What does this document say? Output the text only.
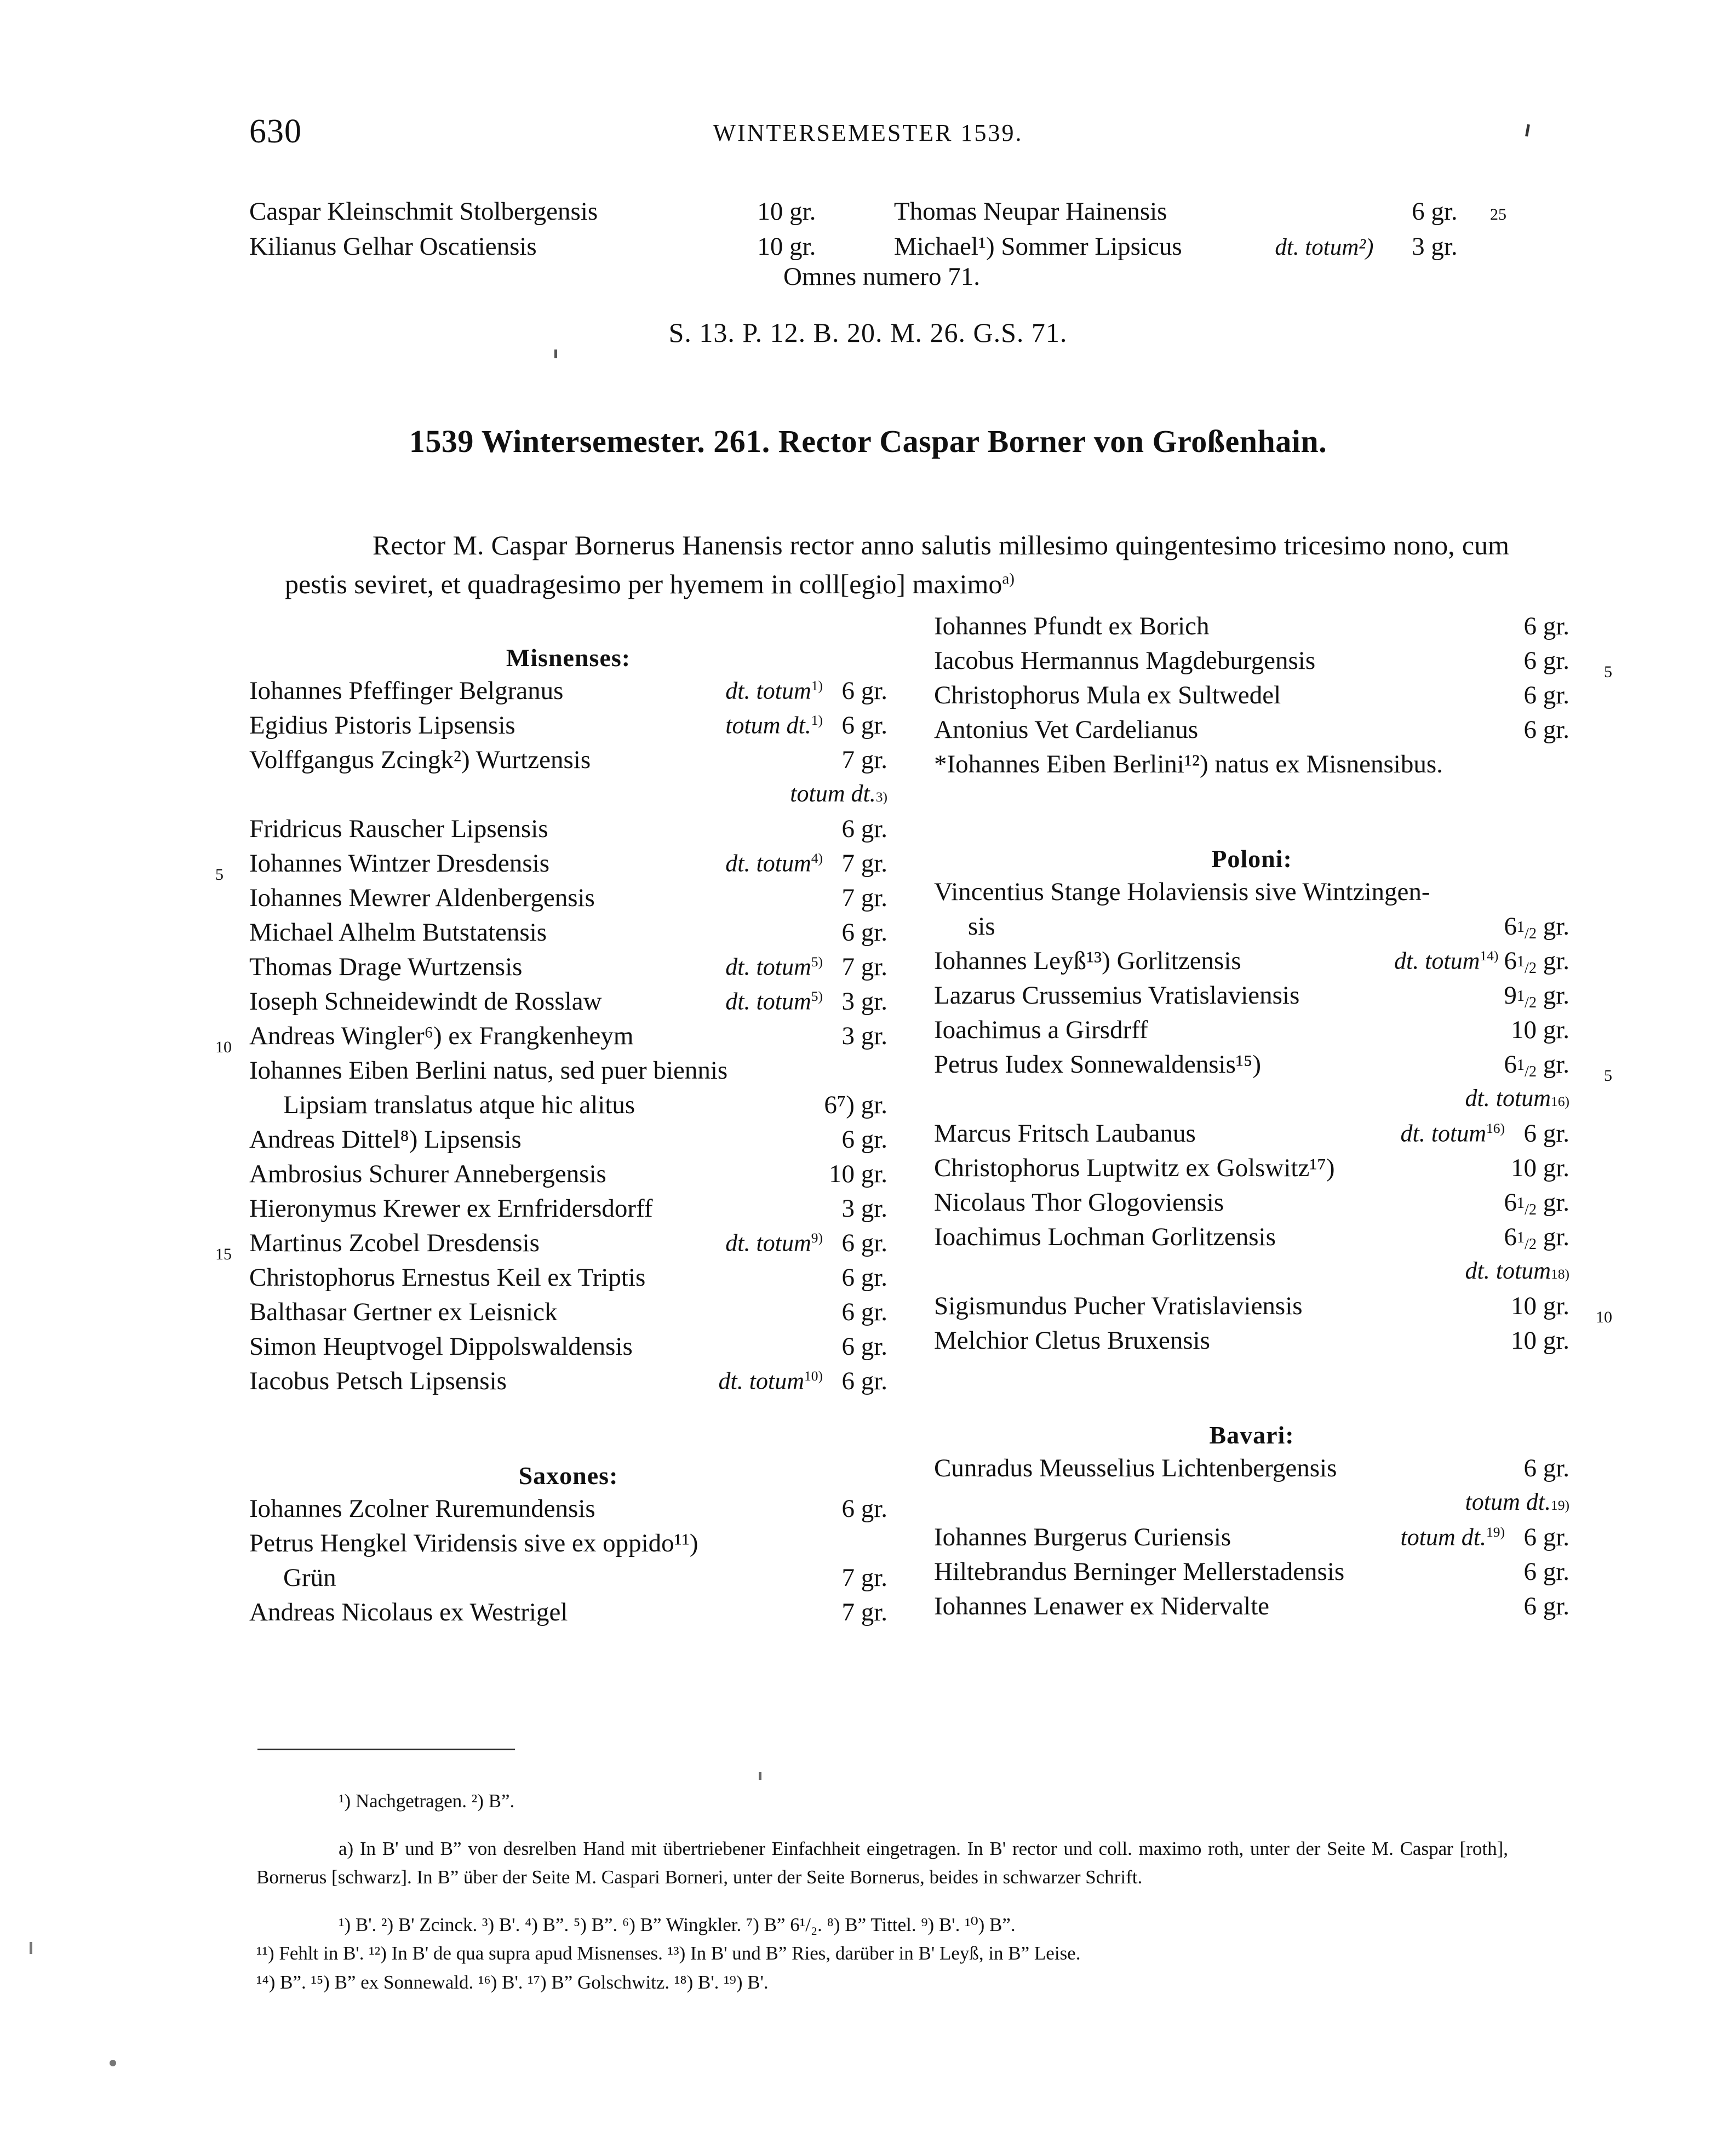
630	WINTERSEMESTER 1539.
Caspar Kleinschmit Stolbergensis	10 gr.	Thomas Neupar Hainensis	6 gr.	25
Kilianus Gelhar Oscatiensis	10 gr.	Michael¹) Sommer Lipsicus	dt. totum²)	3 gr.
Omnes numero 71.
S. 13. P. 12. B. 20. M. 26. G.S. 71.
1539 Wintersemester. 261. Rector Caspar Borner von Großenhain.

Rector M. Caspar Bornerus Hanensis rector anno salutis millesimo quingentesimo tricesimo nono, cum pestis seviret, et quadragesimo per hyemem in coll[egio] maximo$^{a)}$

Misnenses:
Iohannes Pfeffinger Belgranus	dt. totum$^{1)}$ 6 gr.
Egidius Pistoris Lipsensis	totum dt.$^{1)}$ 6 gr.
Volffgangus Zcingk²) Wurtzensis	7 gr.
totum dt. 3)
Fridricus Rauscher Lipsensis	6 gr.
5 Iohannes Wintzer Dresdensis	dt. totum$^{4)}$ 7 gr.
Iohannes Mewrer Aldenbergensis	7 gr.
Michael Alhelm Butstatensis	6 gr.
Thomas Drage Wurtzensis	dt. totum$^{5)}$ 7 gr.
Ioseph Schneidewindt de Rosslaw	dt. totum$^{5)}$ 3 gr.
10 Andreas Wingler⁶) ex Frangkenheym	3 gr.
Iohannes Eiben Berlini natus, sed puer biennis
Lipsiam translatus atque hic alitus	6⁷) gr.
Andreas Dittel⁸) Lipsensis	6 gr.
Ambrosius Schurer Annebergensis	10 gr.
Hieronymus Krewer ex Ernfridersdorff	3 gr.
15 Martinus Zcobel Dresdensis	dt. totum$^{9)}$ 6 gr.
Christophorus Ernestus Keil ex Triptis	6 gr.
Balthasar Gertner ex Leisnick	6 gr.
Simon Heuptvogel Dippolswaldensis	6 gr.
Iacobus Petsch Lipsensis	dt. totum$^{10)}$ 6 gr.
Saxones:
Iohannes Zcolner Ruremundensis	6 gr.
Petrus Hengkel Viridensis sive ex oppido¹¹)
Grün	7 gr.
Andreas Nicolaus ex Westrigel	7 gr.
Iohannes Pfundt ex Borich	6 gr.
5
Iacobus Hermannus Magdeburgensis	6 gr.
Christophorus Mula ex Sultwedel	6 gr.
Antonius Vet Cardelianus	6 gr.
*Iohannes Eiben Berlini¹²) natus ex Misnensibus.
Poloni:
Vincentius Stange Holaviensis sive Wintzingen-
sis	61/2 gr.
Iohannes Leyß¹³) Gorlitzensis	dt. totum$^{14)}$ 61/2 gr.
Lazarus Crussemius Vratislaviensis	91/2 gr.
Ioachimus a Girsdrff	10 gr.
5
Petrus Iudex Sonnewaldensis¹⁵)	61/2 gr.
dt. totum 16)
Marcus Fritsch Laubanus	dt. totum$^{16)}$ 6 gr.
Christophorus Luptwitz ex Golswitz¹⁷)	10 gr.
Nicolaus Thor Glogoviensis	61/2 gr.
Ioachimus Lochman Gorlitzensis	61/2 gr.
dt. totum 18)
10
Sigismundus Pucher Vratislaviensis	10 gr.
Melchior Cletus Bruxensis	10 gr.
Bavari:
Cunradus Meusselius Lichtenbergensis	6 gr.
totum dt. 19)
Iohannes Burgerus Curiensis	totum dt.$^{19)}$ 6 gr.
Hiltebrandus Berninger Mellerstadensis	6 gr.
Iohannes Lenawer ex Nidervalte	6 gr.
¹) Nachgetragen. ²) B”.
a) In B' und B” von desrelben Hand mit übertriebener Einfachheit eingetragen. In B' rector und coll. maximo roth, unter der Seite M. Caspar [roth], Bornerus [schwarz]. In B” über der Seite M. Caspari Borneri, unter der Seite Bornerus, beides in schwarzer Schrift.
¹) B'. ²) B' Zcinck. ³) B'. ⁴) B”. ⁵) B”. ⁶) B” Wingkler. ⁷) B” 6¹/₂. ⁸) B” Tittel. ⁹) B'. ¹⁰) B”.
¹¹) Fehlt in B'. ¹²) In B' de qua supra apud Misnenses. ¹³) In B' und B” Ries, darüber in B' Leyß, in B” Leise.
¹⁴) B”. ¹⁵) B” ex Sonnewald. ¹⁶) B'. ¹⁷) B” Golschwitz. ¹⁸) B'. ¹⁹) B'.
